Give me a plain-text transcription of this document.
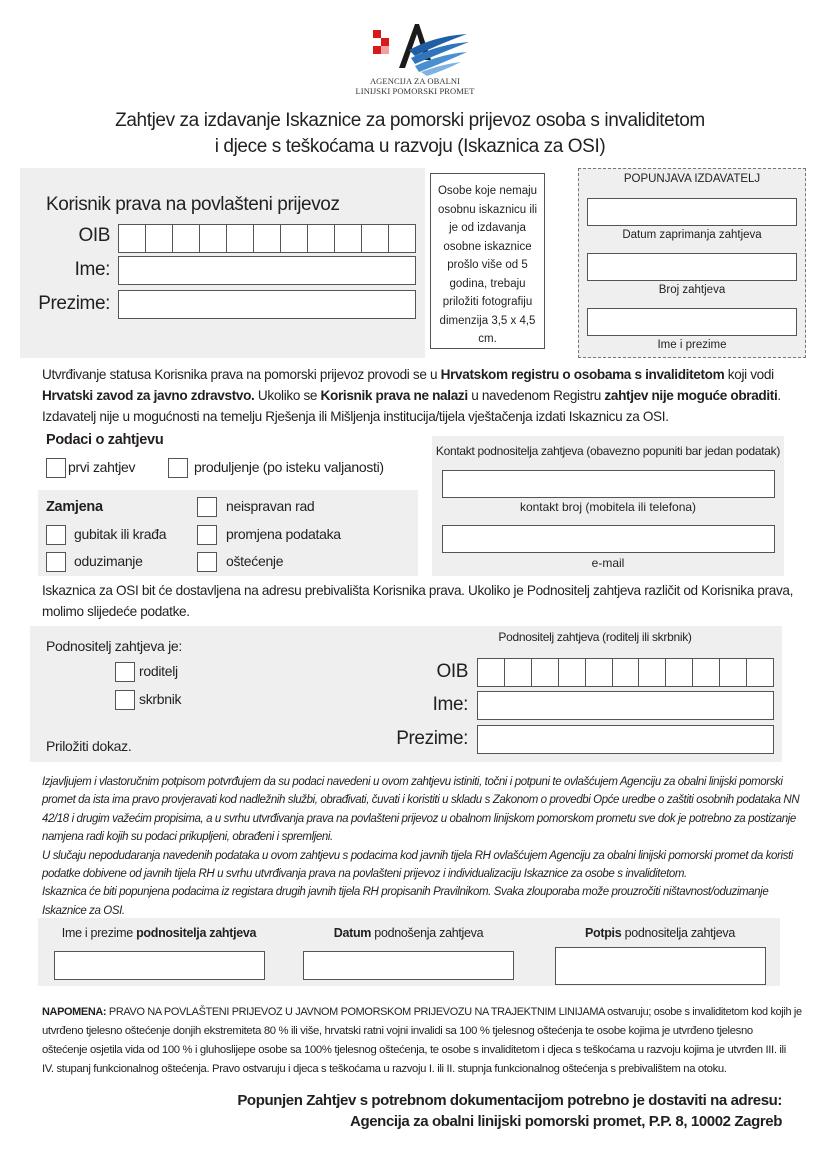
AGENCIJA ZA OBALNI
LINIJSKI POMORSKI PROMET
Zahtjev za izdavanje Iskaznice za pomorski prijevoz osoba s invaliditetom
i djece s teškoćama u razvoju (Iskaznica za OSI)
Korisnik prava na povlašteni prijevoz
OIB
Ime:
Prezime:
Osobe koje nemaju osobnu iskaznicu ili je od izdavanja osobne iskaznice prošlo više od 5 godina, trebaju priložiti fotografiju dimenzija 3,5 x 4,5 cm.
POPUNJAVA IZDAVATELJ
Datum zaprimanja zahtjeva
Broj zahtjeva
Ime i prezime
Utvrđivanje statusa Korisnika prava na pomorski prijevoz provodi se u Hrvatskom registru o osobama s invaliditetom koji vodi
Hrvatski zavod za javno zdravstvo. Ukoliko se Korisnik prava ne nalazi u navedenom Registru zahtjev nije moguće obraditi.
Izdavatelj nije u mogućnosti na temelju Rješenja ili Mišljenja institucija/tijela vještačenja izdati Iskaznicu za OSI.
Podaci o zahtjevu
prvi zahtjev	produljenje (po isteku valjanosti)
Zamjena
gubitak ili krađa
oduzimanje
neispravan rad
promjena podataka
oštećenje
Kontakt podnositelja zahtjeva (obavezno popuniti bar jedan podatak)
kontakt broj (mobitela ili telefona)
e-mail
Iskaznica za OSI bit će dostavljena na adresu prebivališta Korisnika prava. Ukoliko je Podnositelj zahtjeva različit od Korisnika prava, molimo slijedeće podatke.
Podnositelj zahtjeva je:
roditelj
skrbnik
Priložiti dokaz.
Podnositelj zahtjeva (roditelj ili skrbnik)
OIB
Ime:
Prezime:
Izjavljujem i vlastoručnim potpisom potvrđujem da su podaci navedeni u ovom zahtjevu istiniti, točni i potpuni te ovlašćujem Agenciju za obalni linijski pomorski
promet da ista ima pravo provjeravati kod nadležnih službi, obrađivati, čuvati i koristiti u skladu s Zakonom o provedbi Opće uredbe o zaštiti osobnih podataka NN
42/18 i drugim važećim propisima, a u svrhu utvrđivanja prava na povlašteni prijevoz u obalnom linijskom pomorskom prometu sve dok je potrebno za postizanje
namjena radi kojih su podaci prikupljeni, obrađeni i spremljeni.
U slučaju nepodudaranja navedenih podataka u ovom zahtjevu s podacima kod javnih tijela RH ovlašćujem Agenciju za obalni linijski pomorski promet da koristi
podatke dobivene od javnih tijela RH u svrhu utvrđivanja prava na povlašteni prijevoz i individualizaciju Iskaznice za osobe s invaliditetom.
Iskaznica će biti popunjena podacima iz registara drugih javnih tijela RH propisanih Pravilnikom. Svaka zlouporaba može prouzročiti ništavnost/oduzimanje
Iskaznice za OSI.
Ime i prezime podnositelja zahtjeva	Datum podnošenja zahtjeva	Potpis podnositelja zahtjeva
NAPOMENA: PRAVO NA POVLAŠTENI PRIJEVOZ U JAVNOM POMORSKOM PRIJEVOZU NA TRAJEKTNIM LINIJAMA ostvaruju; osobe s invaliditetom kod kojih je
utvrđeno tjelesno oštećenje donjih ekstremiteta 80 % ili više, hrvatski ratni vojni invalidi sa 100 % tjelesnog oštećenja te osobe kojima je utvrđeno tjelesno
oštećenje osjetila vida od 100 % i gluhoslijepe osobe sa 100% tjelesnog oštećenja, te osobe s invaliditetom i djeca s teškoćama u razvoju kojima je utvrđen III. ili
IV. stupanj funkcionalnog oštećenja. Pravo ostvaruju i djeca s teškoćama u razvoju I. ili II. stupnja funkcionalnog oštećenja s prebivalištem na otoku.
Popunjen Zahtjev s potrebnom dokumentacijom potrebno je dostaviti na adresu:
Agencija za obalni linijski pomorski promet, P.P. 8, 10002 Zagreb
